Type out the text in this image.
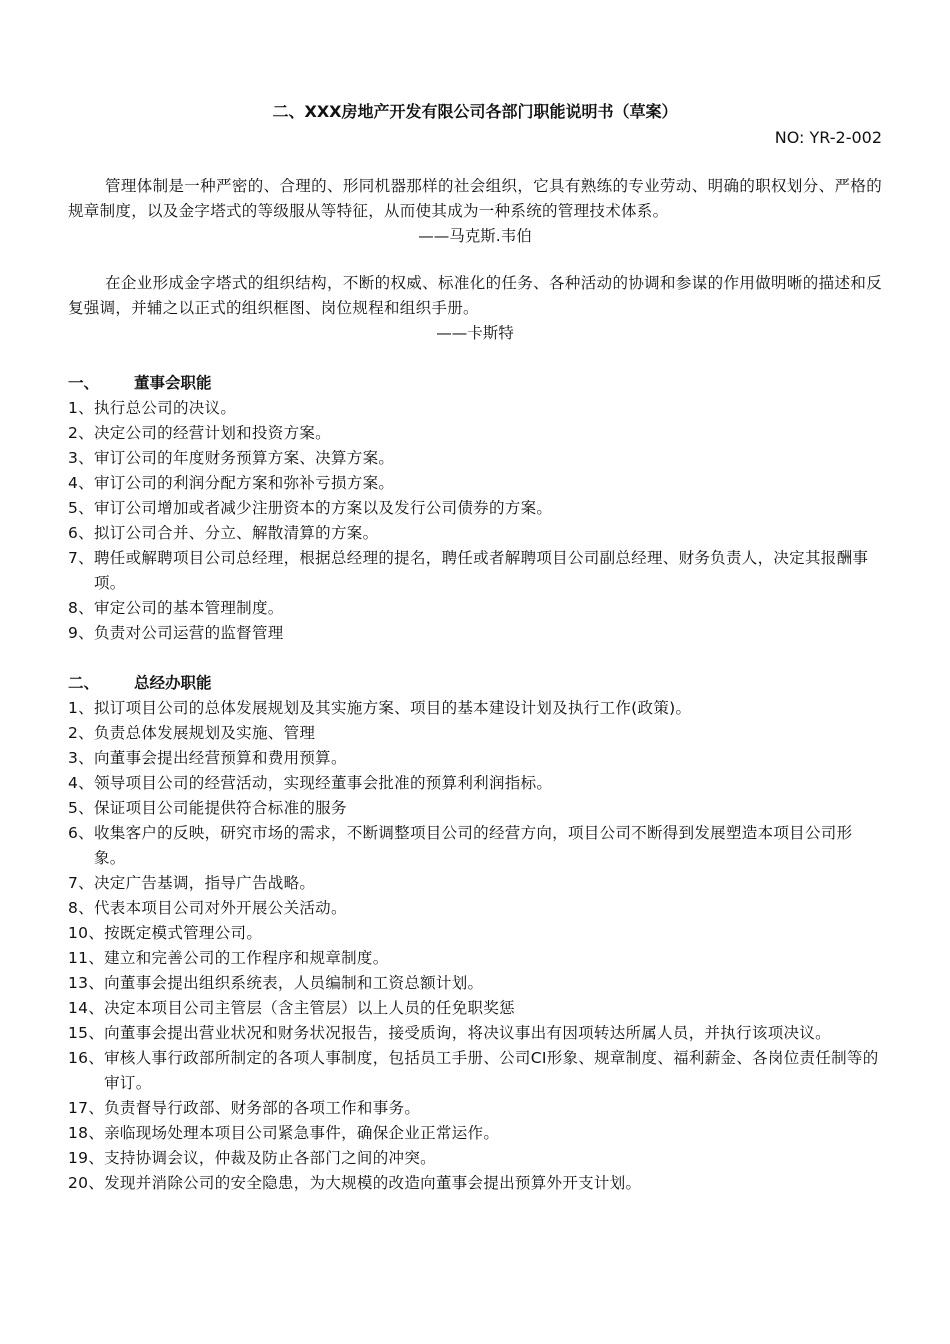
二、XXX房地产开发有限公司各部门职能说明书（草案）
NO: YR-2-002
管理体制是一种严密的、合理的、形同机器那样的社会组织，它具有熟练的专业劳动、明确的职权划分、严格的规章制度，以及金字塔式的等级服从等特征，从而使其成为一种系统的管理技术体系。
——马克斯.韦伯
在企业形成金字塔式的组织结构，不断的权威、标准化的任务、各种活动的协调和参谋的作用做明晰的描述和反复强调，并辅之以正式的组织框图、岗位规程和组织手册。
——卡斯特
一、	董事会职能
1、 执行总公司的决议。
2、 决定公司的经营计划和投资方案。
3、 审订公司的年度财务预算方案、决算方案。
4、 审订公司的利润分配方案和弥补亏损方案。
5、 审订公司增加或者减少注册资本的方案以及发行公司债券的方案。
6、 拟订公司合并、分立、解散清算的方案。
7、 聘任或解聘项目公司总经理，根据总经理的提名，聘任或者解聘项目公司副总经理、财务负责人，决定其报酬事项。
8、 审定公司的基本管理制度。
9、 负责对公司运营的监督管理
二、	总经办职能
1、 拟订项目公司的总体发展规划及其实施方案、项目的基本建设计划及执行工作(政策)。
2、 负责总体发展规划及实施、管理
3、 向董事会提出经营预算和费用预算。
4、 领导项目公司的经营活动，实现经董事会批准的预算利利润指标。
5、 保证项目公司能提供符合标准的服务
6、 收集客户的反映，研究市场的需求，不断调整项目公司的经营方向，项目公司不断得到发展塑造本项目公司形象。
7、 决定广告基调，指导广告战略。
8、 代表本项目公司对外开展公关活动。
10、 按既定模式管理公司。
11、 建立和完善公司的工作程序和规章制度。
13、 向董事会提出组织系统表，人员编制和工资总额计划。
14、 决定本项目公司主管层（含主管层）以上人员的任免职奖惩
15、 向董事会提出营业状况和财务状况报告，接受质询，将决议事出有因项转达所属人员，并执行该项决议。
16、 审核人事行政部所制定的各项人事制度，包括员工手册、公司CI形象、规章制度、福利薪金、各岗位责任制等的审订。
17、 负责督导行政部、财务部的各项工作和事务。
18、 亲临现场处理本项目公司紧急事件，确保企业正常运作。
19、 支持协调会议，仲裁及防止各部门之间的冲突。
20、 发现并消除公司的安全隐患，为大规模的改造向董事会提出预算外开支计划。
